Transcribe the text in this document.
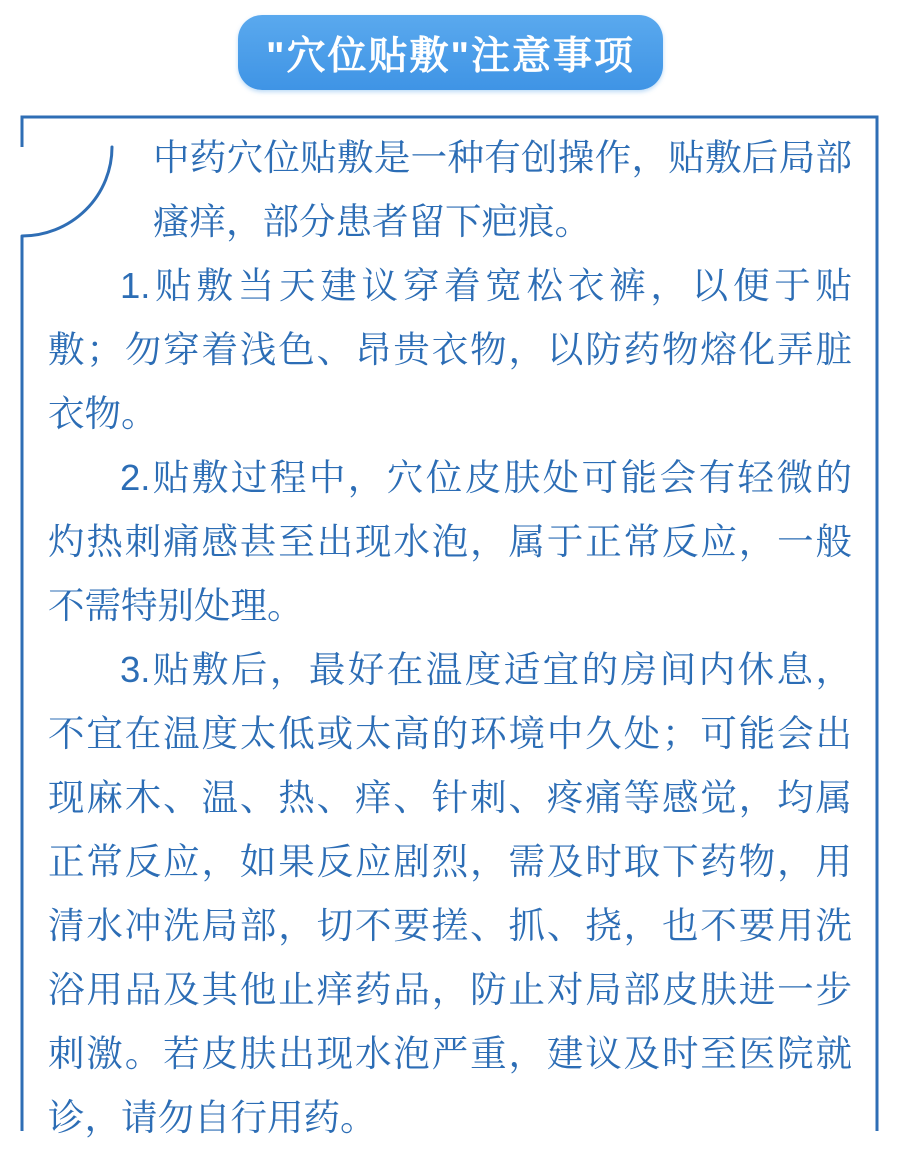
"穴位贴敷"注意事项
中药穴位贴敷是一种有创操作，贴敷后局部
瘙痒，部分患者留下疤痕。
1.贴敷当天建议穿着宽松衣裤，以便于贴
敷；勿穿着浅色、昂贵衣物，以防药物熔化弄脏
衣物。
2.贴敷过程中，穴位皮肤处可能会有轻微的
灼热刺痛感甚至出现水泡，属于正常反应，一般
不需特别处理。
3.贴敷后，最好在温度适宜的房间内休息，
不宜在温度太低或太高的环境中久处；可能会出
现麻木、温、热、痒、针刺、疼痛等感觉，均属
正常反应，如果反应剧烈，需及时取下药物，用
清水冲洗局部，切不要搓、抓、挠，也不要用洗
浴用品及其他止痒药品，防止对局部皮肤进一步
刺激。若皮肤出现水泡严重，建议及时至医院就
诊，请勿自行用药。
